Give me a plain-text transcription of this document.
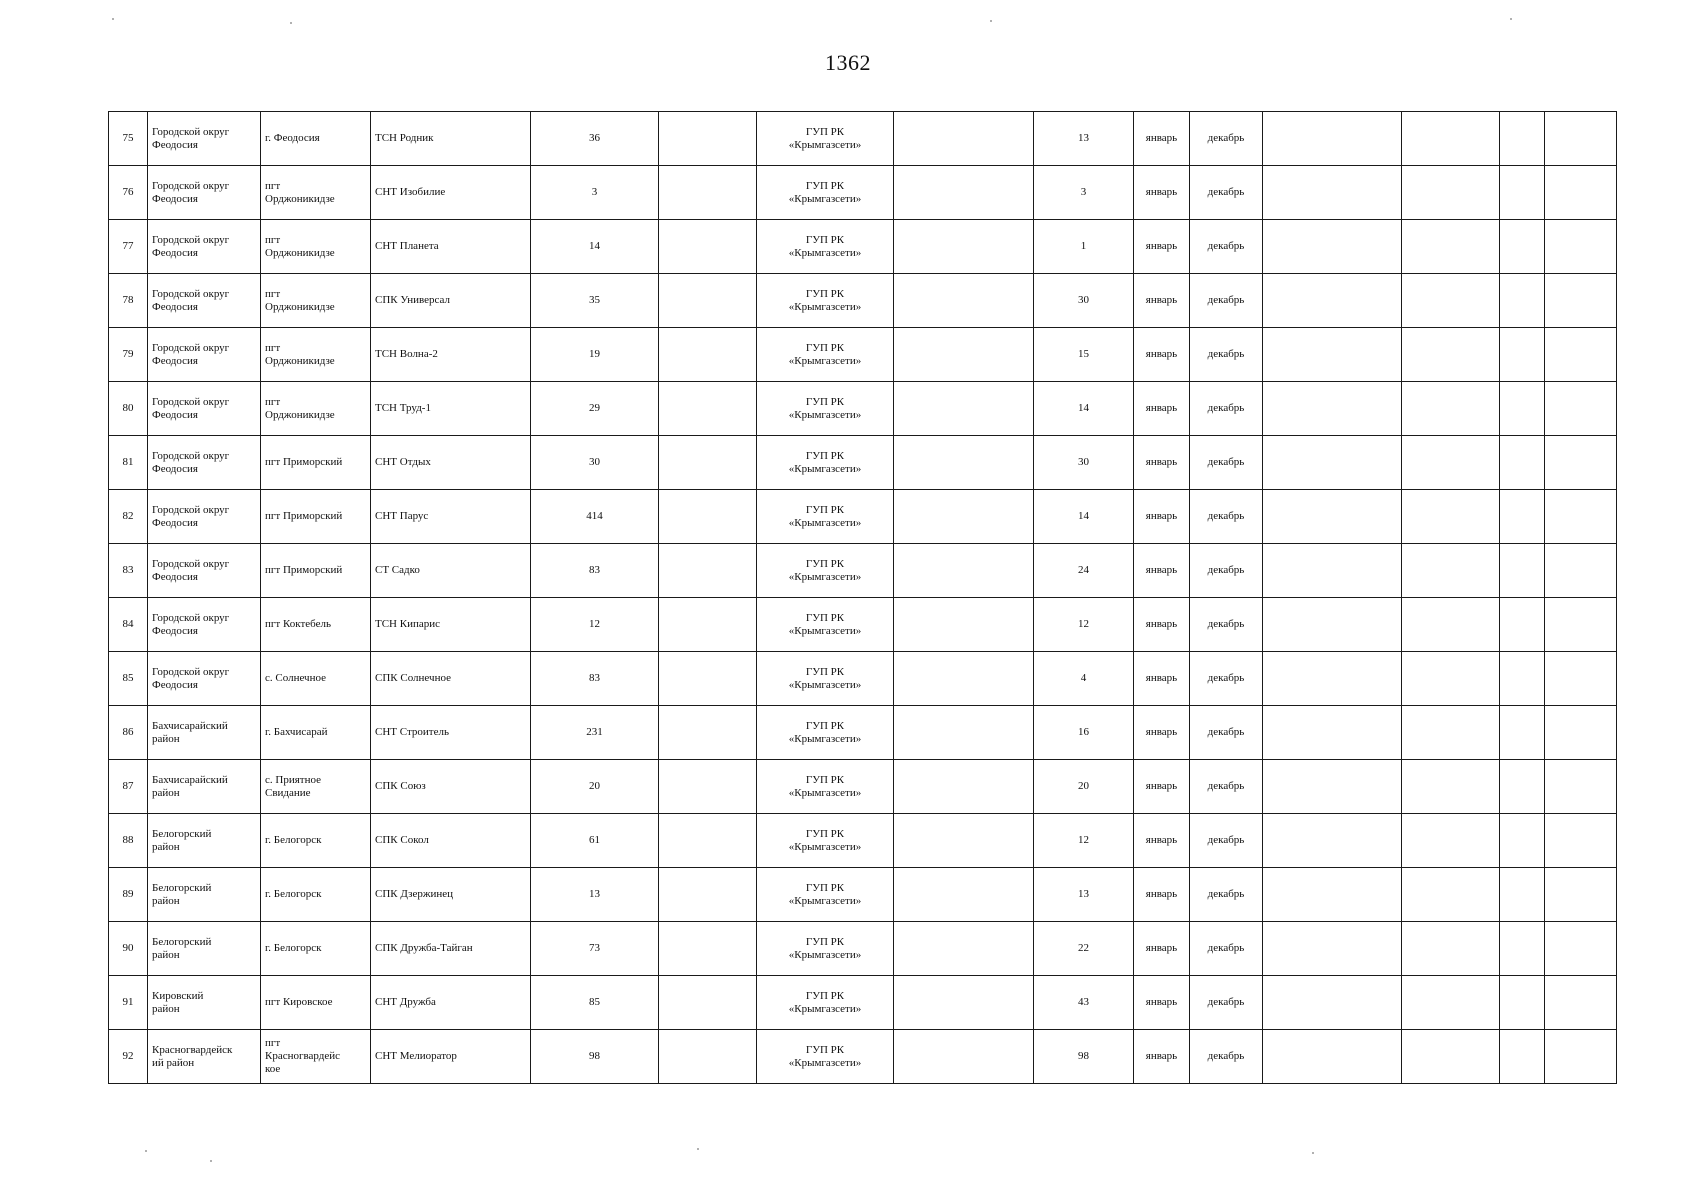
1362
75	Городской округ
Феодосия	г. Феодосия	ТСН Родник	36		ГУП РК
«Крымгазсети»		13	январь	декабрь				
76	Городской округ
Феодосия	пгт
Орджоникидзе	СНТ Изобилие	3		ГУП РК
«Крымгазсети»		3	январь	декабрь				
77	Городской округ
Феодосия	пгт
Орджоникидзе	СНТ Планета	14		ГУП РК
«Крымгазсети»		1	январь	декабрь				
78	Городской округ
Феодосия	пгт
Орджоникидзе	СПК Универсал	35		ГУП РК
«Крымгазсети»		30	январь	декабрь				
79	Городской округ
Феодосия	пгт
Орджоникидзе	ТСН Волна-2	19		ГУП РК
«Крымгазсети»		15	январь	декабрь				
80	Городской округ
Феодосия	пгт
Орджоникидзе	ТСН Труд-1	29		ГУП РК
«Крымгазсети»		14	январь	декабрь				
81	Городской округ
Феодосия	пгт Приморский	СНТ Отдых	30		ГУП РК
«Крымгазсети»		30	январь	декабрь				
82	Городской округ
Феодосия	пгт Приморский	СНТ Парус	414		ГУП РК
«Крымгазсети»		14	январь	декабрь				
83	Городской округ
Феодосия	пгт Приморский	СТ Садко	83		ГУП РК
«Крымгазсети»		24	январь	декабрь				
84	Городской округ
Феодосия	пгт Коктебель	ТСН Кипарис	12		ГУП РК
«Крымгазсети»		12	январь	декабрь				
85	Городской округ
Феодосия	с. Солнечное	СПК Солнечное	83		ГУП РК
«Крымгазсети»		4	январь	декабрь				
86	Бахчисарайский
район	г. Бахчисарай	СНТ Строитель	231		ГУП РК
«Крымгазсети»		16	январь	декабрь				
87	Бахчисарайский
район	с. Приятное
Свидание	СПК Союз	20		ГУП РК
«Крымгазсети»		20	январь	декабрь				
88	Белогорский
район	г. Белогорск	СПК Сокол	61		ГУП РК
«Крымгазсети»		12	январь	декабрь				
89	Белогорский
район	г. Белогорск	СПК Дзержинец	13		ГУП РК
«Крымгазсети»		13	январь	декабрь				
90	Белогорский
район	г. Белогорск	СПК Дружба-Тайган	73		ГУП РК
«Крымгазсети»		22	январь	декабрь				
91	Кировский
район	пгт Кировское	СНТ Дружба	85		ГУП РК
«Крымгазсети»		43	январь	декабрь				
92	Красногвардейск
ий район	пгт
Красногвардейс
кое	СНТ Мелиоратор	98		ГУП РК
«Крымгазсети»		98	январь	декабрь				
